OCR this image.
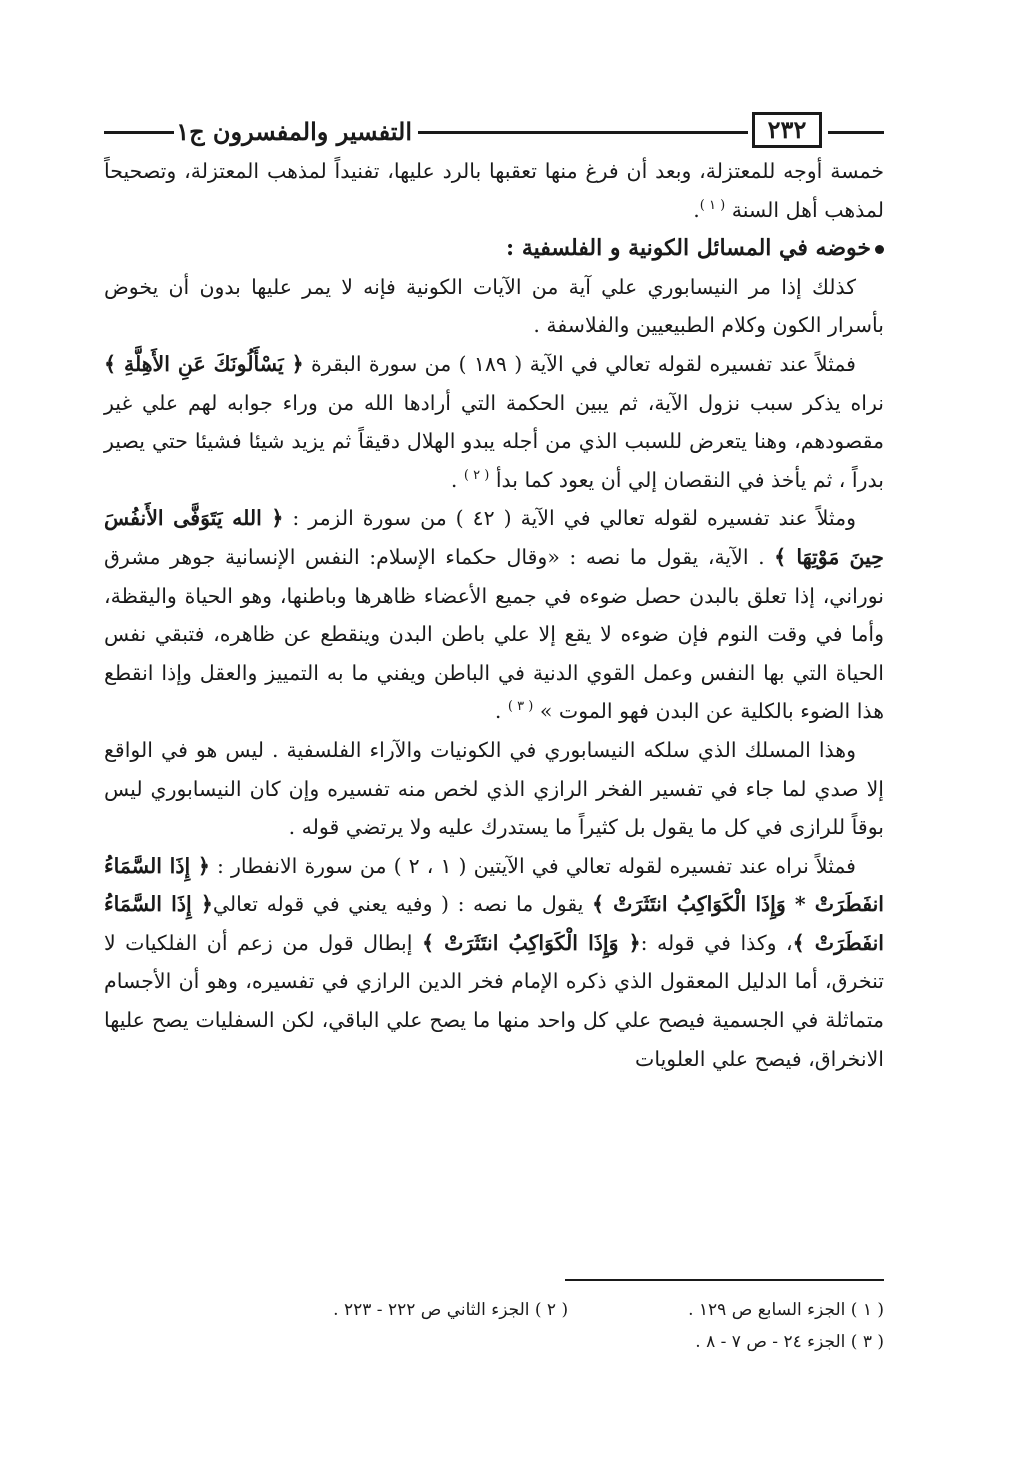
التفسير والمفسرون ج١	٢٣٢

خمسة أوجه للمعتزلة، وبعد أن فرغ منها تعقبها بالرد عليها، تفنيداً لمذهب المعتزلة، وتصحيحاً لمذهب أهل السنة $^{( ١ )}$.

خوضه في المسائل الكونية و الفلسفية :

كذلك إذا مر النيسابوري علي آية من الآيات الكونية فإنه لا يمر عليها بدون أن يخوض بأسرار الكون وكلام الطبيعيين والفلاسفة .

فمثلاً عند تفسيره لقوله تعالي في الآية ( ١٨٩ ) من سورة البقرة ﴿ يَسْأَلُونَكَ عَنِ الأَهِلَّةِ ﴾ نراه يذكر سبب نزول الآية، ثم يبين الحكمة التي أرادها الله من وراء جوابه لهم علي غير مقصودهم، وهنا يتعرض للسبب الذي من أجله يبدو الهلال دقيقاً ثم يزيد شيئا فشيئا حتي يصير بدراً ، ثم يأخذ في النقصان إلي أن يعود كما بدأ $^{( ٢ )}$ .

ومثلاً عند تفسيره لقوله تعالي في الآية ( ٤٢ ) من سورة الزمر : ﴿ الله يَتَوَفَّى الأَنفُسَ حِينَ مَوْتِهَا ﴾ . الآية، يقول ما نصه : «وقال حكماء الإسلام: النفس الإنسانية جوهر مشرق نوراني، إذا تعلق بالبدن حصل ضوءه في جميع الأعضاء ظاهرها وباطنها، وهو الحياة واليقظة، وأما في وقت النوم فإن ضوءه لا يقع إلا علي باطن البدن وينقطع عن ظاهره، فتبقي نفس الحياة التي بها النفس وعمل القوي الدنية في الباطن ويفني ما به التمييز والعقل وإذا انقطع هذا الضوء بالكلية عن البدن فهو الموت » $^{( ٣ )}$ .

وهذا المسلك الذي سلكه النيسابوري في الكونيات والآراء الفلسفية . ليس هو في الواقع إلا صدي لما جاء في تفسير الفخر الرازي الذي لخص منه تفسيره وإن كان النيسابوري ليس بوقاً للرازى في كل ما يقول بل كثيراً ما يستدرك عليه ولا يرتضي قوله .

فمثلاً نراه عند تفسيره لقوله تعالي في الآيتين ( ١ ، ٢ ) من سورة الانفطار : ﴿ إِذَا السَّمَاءُ انفَطَرَتْ * وَإِذَا الْكَوَاكِبُ انتَثَرَتْ ﴾ يقول ما نصه : ( وفيه يعني في قوله تعالي﴿ إِذَا السَّمَاءُ انفَطَرَتْ ﴾، وكذا في قوله :﴿ وَإِذَا الْكَوَاكِبُ انتَثَرَتْ ﴾ إبطال قول من زعم أن الفلكيات لا تنخرق، أما الدليل المعقول الذي ذكره الإمام فخر الدين الرازي في تفسيره، وهو أن الأجسام متماثلة في الجسمية فيصح علي كل واحد منها ما يصح علي الباقي، لكن السفليات يصح عليها الانخراق، فيصح علي العلويات

( ١ ) الجزء السابع ص ١٢٩ .
( ٢ ) الجزء الثاني ص ٢٢٢ - ٢٢٣ .
( ٣ ) الجزء ٢٤ - ص ٧ - ٨ .
